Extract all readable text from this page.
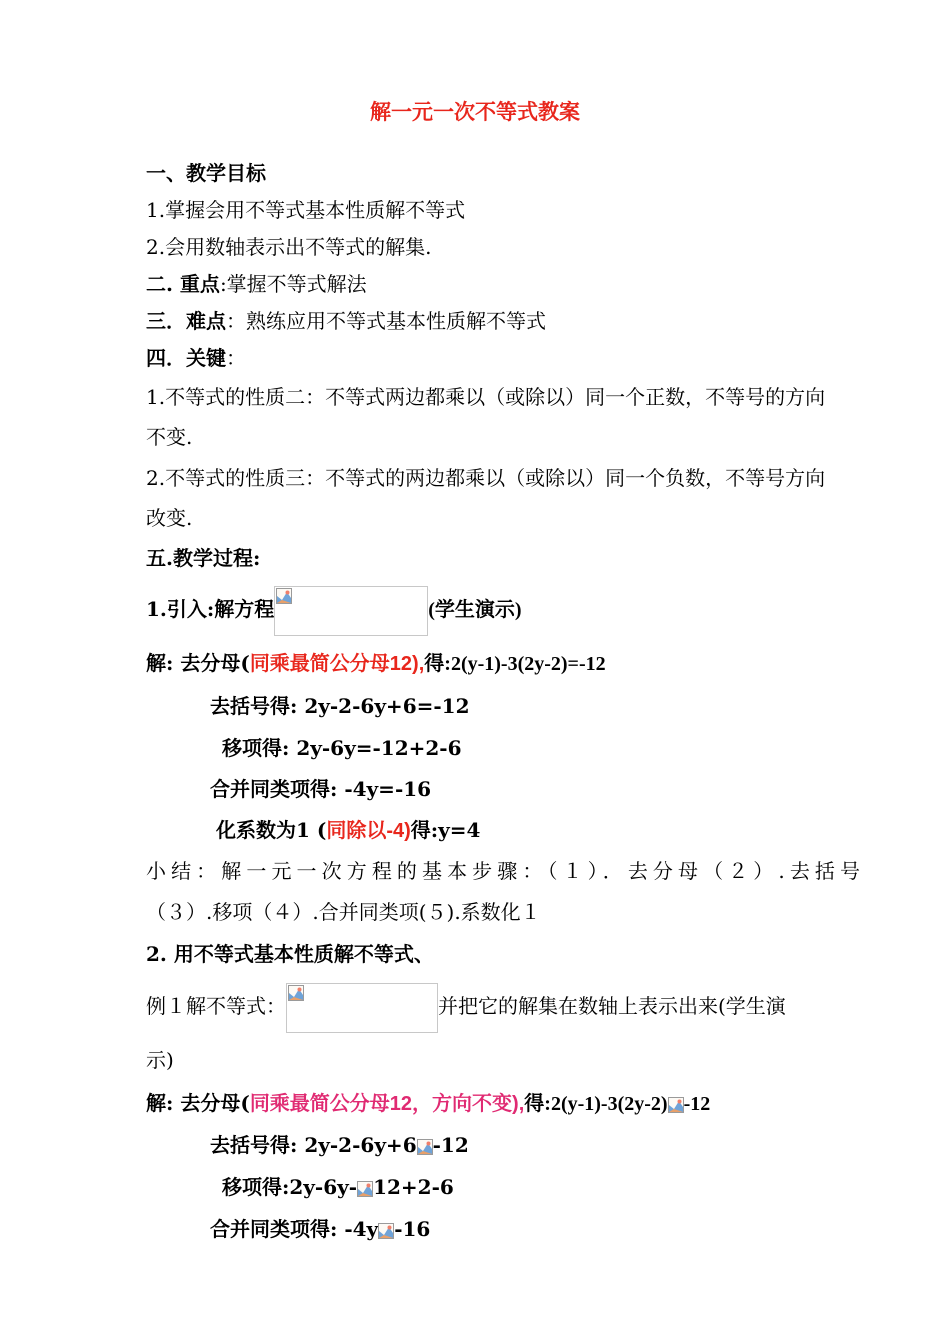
解一元一次不等式教案
一、教学目标
1.掌握会用不等式基本性质解不等式
2.会用数轴表示出不等式的解集.
二. 重点:掌握不等式解法
三．难点：熟练应用不等式基本性质解不等式
四．关键：
1.不等式的性质二：不等式两边都乘以（或除以）同一个正数，不等号的方向
不变.
2.不等式的性质三：不等式的两边都乘以（或除以）同一个负数，不等号方向
改变.
五.教学过程:
1.引入:解方程	(学生演示)
解: 去分母(同乘最简公分母12),得:2(y-1)-3(2y-2)=-12
去括号得: 2y-2-6y+6=-12
移项得: 2y-6y=-12+2-6
合并同类项得: -4y=-16
化系数为1 (同除以-4)得:y=4
小结：解一元一次方程的基本步骤：（１）．去分母（２）.去括号
（３）.移项（４）.合并同类项(５).系数化１
2. 用不等式基本性质解不等式、
例１解不等式：	并把它的解集在数轴上表示出来(学生演
示)
解: 去分母(同乘最简公分母12，方向不变),得:2(y-1)-3(2y-2) -12
去括号得: 2y-2-6y+6 -12
移项得:2y-6y- 12+2-6
合并同类项得: -4y -16
